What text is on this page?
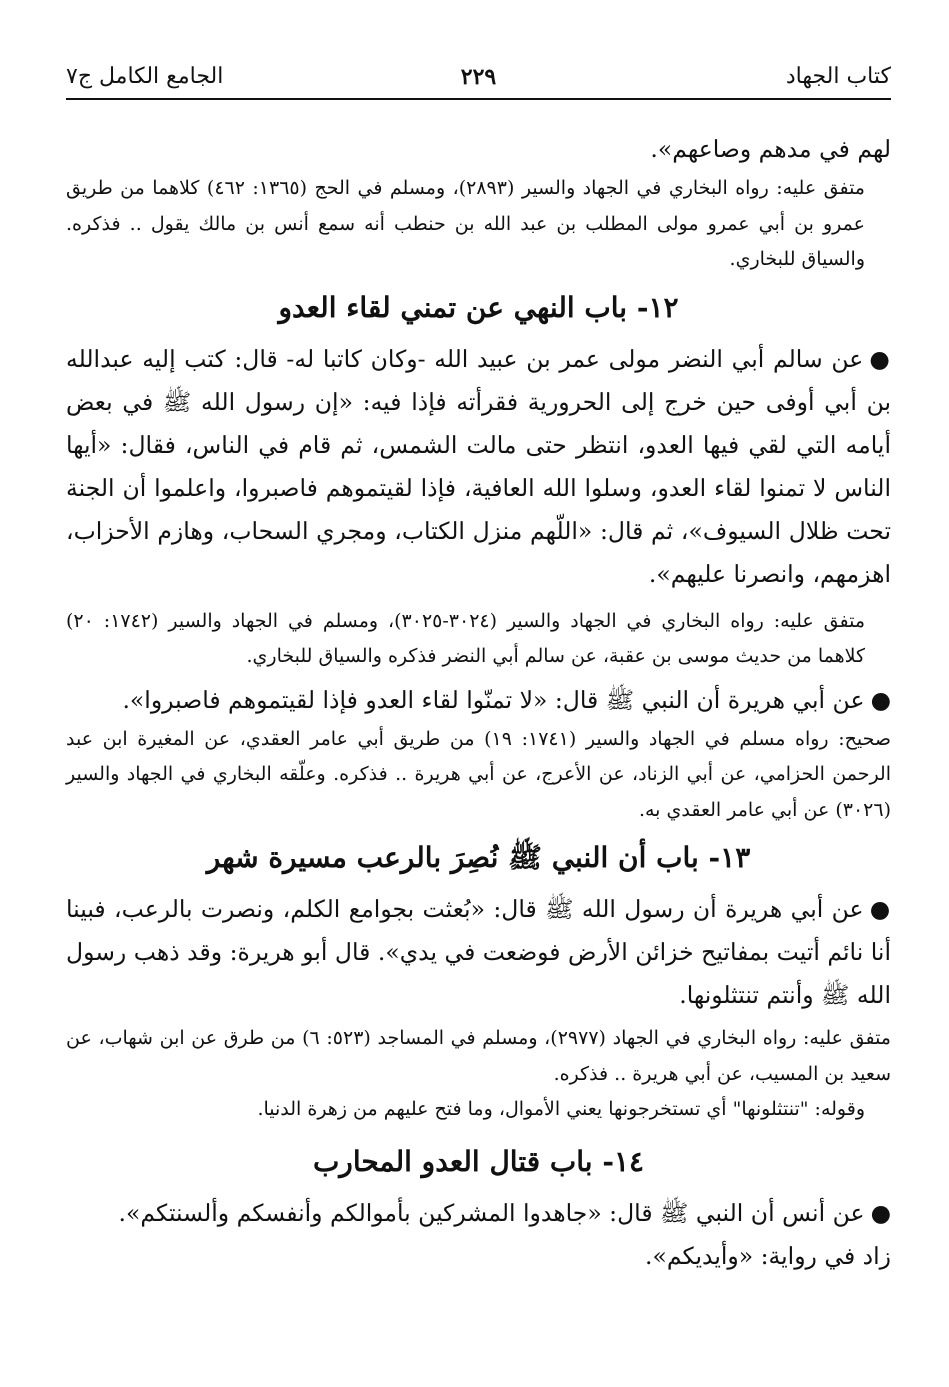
كتاب الجهاد
٢٢٩
الجامع الكامل ج٧

لهم في مدهم وصاعهم».

متفق عليه: رواه البخاري في الجهاد والسير (٢٨٩٣)، ومسلم في الحج (١٣٦٥: ٤٦٢) كلاهما من طريق عمرو بن أبي عمرو مولى المطلب بن عبد الله بن حنطب أنه سمع أنس بن مالك يقول .. فذكره. والسياق للبخاري.

١٢- باب النهي عن تمني لقاء العدو

●عن سالم أبي النضر مولى عمر بن عبيد الله -وكان كاتبا له- قال: كتب إليه عبدالله بن أبي أوفى حين خرج إلى الحرورية فقرأته فإذا فيه: «إن رسول الله ﷺ في بعض أيامه التي لقي فيها العدو، انتظر حتى مالت الشمس، ثم قام في الناس، فقال: «أيها الناس لا تمنوا لقاء العدو، وسلوا الله العافية، فإذا لقيتموهم فاصبروا، واعلموا أن الجنة تحت ظلال السيوف»، ثم قال: «اللّهم منزل الكتاب، ومجري السحاب، وهازم الأحزاب، اهزمهم، وانصرنا عليهم».

متفق عليه: رواه البخاري في الجهاد والسير (٣٠٢٤-٣٠٢٥)، ومسلم في الجهاد والسير (١٧٤٢: ٢٠) كلاهما من حديث موسى بن عقبة، عن سالم أبي النضر فذكره والسياق للبخاري.

●عن أبي هريرة أن النبي ﷺ قال: «لا تمنّوا لقاء العدو فإذا لقيتموهم فاصبروا».

صحيح: رواه مسلم في الجهاد والسير (١٧٤١: ١٩) من طريق أبي عامر العقدي، عن المغيرة ابن عبد الرحمن الحزامي، عن أبي الزناد، عن الأعرج، عن أبي هريرة .. فذكره. وعلّقه البخاري في الجهاد والسير (٣٠٢٦) عن أبي عامر العقدي به.

١٣- باب أن النبي ﷺ نُصِرَ بالرعب مسيرة شهر

●عن أبي هريرة أن رسول الله ﷺ قال: «بُعثت بجوامع الكلم، ونصرت بالرعب، فبينا أنا نائم أتيت بمفاتيح خزائن الأرض فوضعت في يدي». قال أبو هريرة: وقد ذهب رسول الله ﷺ وأنتم تنتثلونها.

متفق عليه: رواه البخاري في الجهاد (٢٩٧٧)، ومسلم في المساجد (٥٢٣: ٦) من طرق عن ابن شهاب، عن سعيد بن المسيب، عن أبي هريرة .. فذكره.

وقوله: "تنتثلونها" أي تستخرجونها يعني الأموال، وما فتح عليهم من زهرة الدنيا.

١٤- باب قتال العدو المحارب

●عن أنس أن النبي ﷺ قال: «جاهدوا المشركين بأموالكم وأنفسكم وألسنتكم».

زاد في رواية: «وأيديكم».
